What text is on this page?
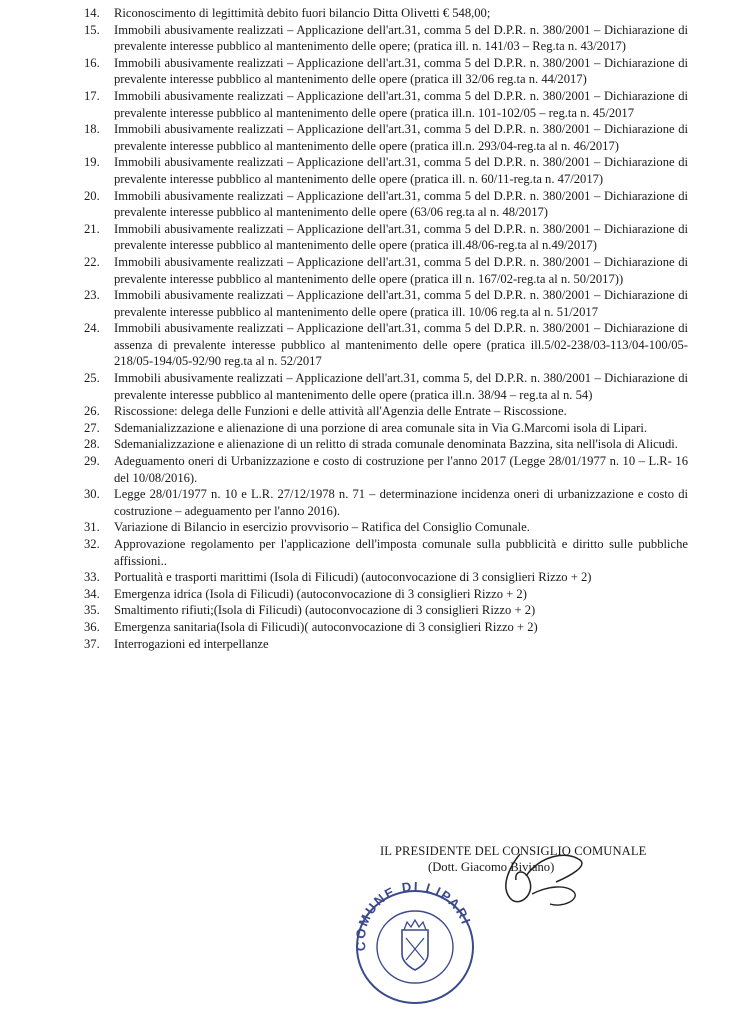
14.	Riconoscimento di legittimità debito fuori bilancio Ditta Olivetti € 548,00;
15.	Immobili abusivamente realizzati – Applicazione dell'art.31, comma 5 del D.P.R. n. 380/2001 – Dichiarazione di prevalente interesse pubblico al mantenimento delle opere; (pratica ill. n. 141/03 – Reg.ta n. 43/2017)
16.	Immobili abusivamente realizzati – Applicazione dell'art.31, comma 5 del D.P.R. n. 380/2001 – Dichiarazione di prevalente interesse pubblico al mantenimento delle opere (pratica ill 32/06 reg.ta n. 44/2017)
17.	Immobili abusivamente realizzati – Applicazione dell'art.31, comma 5 del D.P.R. n. 380/2001 – Dichiarazione di prevalente interesse pubblico al mantenimento delle opere (pratica ill.n. 101-102/05 – reg.ta n. 45/2017
18.	Immobili abusivamente realizzati – Applicazione dell'art.31, comma 5 del D.P.R. n. 380/2001 – Dichiarazione di prevalente interesse pubblico al mantenimento delle opere (pratica ill.n. 293/04-reg.ta al n. 46/2017)
19.	Immobili abusivamente realizzati – Applicazione dell'art.31, comma 5 del D.P.R. n. 380/2001 – Dichiarazione di prevalente interesse pubblico al mantenimento delle opere (pratica ill. n. 60/11-reg.ta n. 47/2017)
20.	Immobili abusivamente realizzati – Applicazione dell'art.31, comma 5 del D.P.R. n. 380/2001 – Dichiarazione di prevalente interesse pubblico al mantenimento delle opere (63/06 reg.ta al n. 48/2017)
21.	Immobili abusivamente realizzati – Applicazione dell'art.31, comma 5 del D.P.R. n. 380/2001 – Dichiarazione di prevalente interesse pubblico al mantenimento delle opere (pratica ill.48/06-reg.ta al n.49/2017)
22.	Immobili abusivamente realizzati – Applicazione dell'art.31, comma 5 del D.P.R. n. 380/2001 – Dichiarazione di prevalente interesse pubblico al mantenimento delle opere (pratica ill n. 167/02-reg.ta al n. 50/2017))
23.	Immobili abusivamente realizzati – Applicazione dell'art.31, comma 5 del D.P.R. n. 380/2001 – Dichiarazione di prevalente interesse pubblico al mantenimento delle opere (pratica ill. 10/06 reg.ta al n. 51/2017
24.	Immobili abusivamente realizzati – Applicazione dell'art.31, comma 5 del D.P.R. n. 380/2001 – Dichiarazione di assenza di prevalente interesse pubblico al mantenimento delle opere (pratica ill.5/02-238/03-113/04-100/05-218/05-194/05-92/90 reg.ta al n. 52/2017
25.	Immobili abusivamente realizzati – Applicazione dell'art.31, comma 5, del D.P.R. n. 380/2001 – Dichiarazione di prevalente interesse pubblico al mantenimento delle opere (pratica ill.n. 38/94 – reg.ta al n. 54)
26.	Riscossione: delega delle Funzioni e delle attività all'Agenzia delle Entrate – Riscossione.
27.	Sdemanializzazione e alienazione di una porzione di area comunale sita in Via G.Marcomi isola di Lipari.
28.	Sdemanializzazione e alienazione di un relitto di strada comunale denominata Bazzina, sita nell'isola di Alicudi.
29.	Adeguamento oneri di Urbanizzazione e costo di costruzione per l'anno 2017 (Legge 28/01/1977 n. 10 – L.R- 16 del 10/08/2016).
30.	Legge 28/01/1977 n. 10 e L.R. 27/12/1978 n. 71 – determinazione incidenza oneri di urbanizzazione e costo di costruzione – adeguamento per l'anno 2016).
31.	Variazione di Bilancio in esercizio provvisorio – Ratifica del Consiglio Comunale.
32.	Approvazione regolamento per l'applicazione dell'imposta comunale sulla pubblicità e diritto sulle pubbliche affissioni..
33.	Portualità e trasporti marittimi (Isola di Filicudi) (autoconvocazione di 3 consiglieri Rizzo + 2)
34.	Emergenza idrica (Isola di Filicudi) (autoconvocazione di 3 consiglieri Rizzo + 2)
35.	Smaltimento rifiuti;(Isola di Filicudi) (autoconvocazione di 3 consiglieri Rizzo + 2)
36.	Emergenza sanitaria(Isola di Filicudi)( autoconvocazione di 3 consiglieri Rizzo + 2)
37.	Interrogazioni ed interpellanze
IL PRESIDENTE DEL CONSIGLIO COMUNALE
(Dott. Giacomo Biviano)
COMUNE DI LIPARI
